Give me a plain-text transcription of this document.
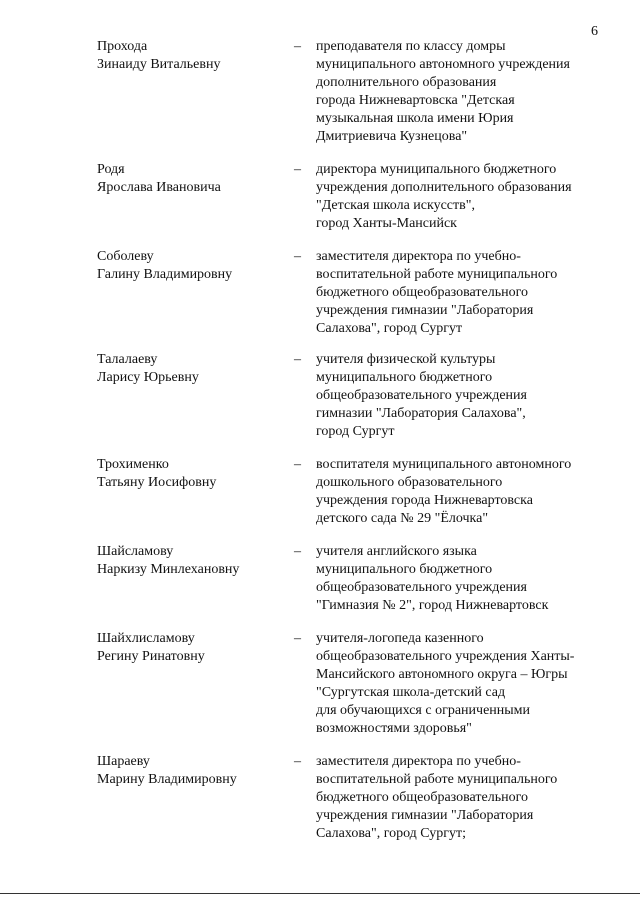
6
Прохода
Зинаиду Витальевну
– преподавателя по классу домры
муниципального автономного учреждения
дополнительного образования
города Нижневартовска "Детская
музыкальная школа имени Юрия
Дмитриевича Кузнецова"
Родя
Ярослава Ивановича
– директора муниципального бюджетного
учреждения дополнительного образования
"Детская школа искусств",
город Ханты-Мансийск
Соболеву
Галину Владимировну
– заместителя директора по учебно-
воспитательной работе муниципального
бюджетного общеобразовательного
учреждения гимназии "Лаборатория
Салахова", город Сургут
Талалаеву
Ларису Юрьевну
– учителя физической культуры
муниципального бюджетного
общеобразовательного учреждения
гимназии "Лаборатория Салахова",
город Сургут
Трохименко
Татьяну Иосифовну
– воспитателя муниципального автономного
дошкольного образовательного
учреждения города Нижневартовска
детского сада № 29 "Ёлочка"
Шайсламову
Наркизу Минлехановну
– учителя английского языка
муниципального бюджетного
общеобразовательного учреждения
"Гимназия № 2", город Нижневартовск
Шайхлисламову
Регину Ринатовну
– учителя-логопеда казенного
общеобразовательного учреждения Ханты-
Мансийского автономного округа – Югры
"Сургутская школа-детский сад
для обучающихся с ограниченными
возможностями здоровья"
Шараеву
Марину Владимировну
– заместителя директора по учебно-
воспитательной работе муниципального
бюджетного общеобразовательного
учреждения гимназии "Лаборатория
Салахова", город Сургут;
